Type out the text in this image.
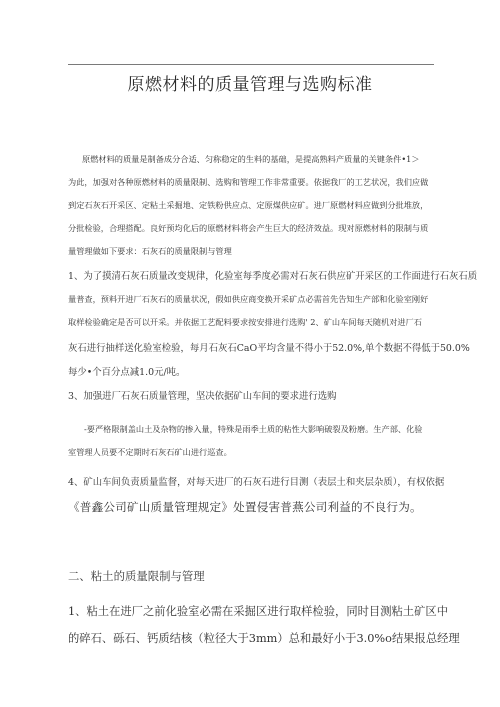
原燃材料的质量管理与选购标准
原燃材料的质量是制备成分合适、匀称稳定的生料的基础，是提高熟料产质量的关键条件•1＞
为此，加强对各种原燃材料的质量限制、选购和管理工作非常重要。依据我厂的工艺状况，我们应做
到定石灰石开采区、定粘土采掘地、定铁粉供应点、定原煤供应矿。进厂原燃材料应做到分批堆放，
分批检验，合理搭配。良好预均化后的原燃材料将会产生巨大的经济效益。现对原燃材料的限制与质
量管理做如下要求：石灰石的质量限制与管理
1、为了摸清石灰石质量改变规律，化验室每季度必需对石灰石供应矿开采区的工作面进行石灰石质
量普查，预料开进厂石灰石的质量状况，假如供应商变换开采矿点必需首先告知生产部和化验室刚好
取样检验确定是否可以开采。并依据工艺配料要求按安排进行选购' 2、矿山车间每天随机对进厂石
灰石进行抽样送化验室检验，每月石灰石CaO平均含量不得小于52.0%,单个数据不得低于50.0%
每少•个百分点减1.0元/吨。
3、加强进厂石灰石质量管理，坚决依据矿山车间的要求进行选购
-要严格限制盖山土及杂物的掺入量，特殊是雨季土质的粘性大影响破裂及粉磨。生产部、化验
室管理人员要不定期时石灰石矿山进行巡查。
4、矿山车间负责质量监督，对每天进厂的石灰石进行目测（表层土和夹层杂质），有权依据
《普鑫公司矿山质量管理规定》处置侵害普燕公司利益的不良行为。
二、粘土的质量限制与管理
1、粘土在进厂之前化验室必需在采掘区进行取样检验，同时目测粘土矿区中
的碎石、砾石、钙质结核（粒径大于3mm）总和最好小于3.0%o结果报总经理
